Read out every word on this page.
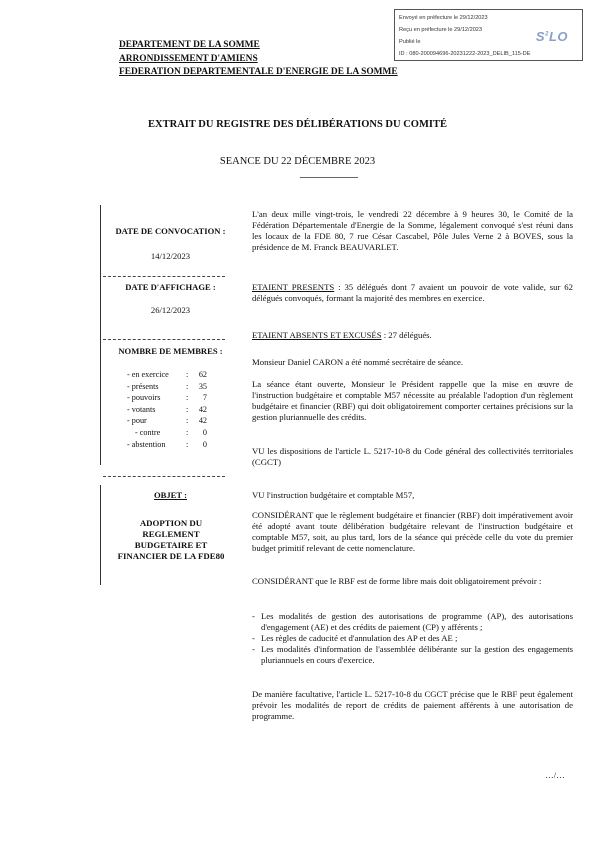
Envoyé en préfecture le 29/12/2023
Reçu en préfecture le 29/12/2023
Publié le
ID : 080-200094696-20231222-2023_DELIB_115-DE
$S^2LO$
DEPARTEMENT DE LA SOMME
ARRONDISSEMENT D'AMIENS
FEDERATION DEPARTEMENTALE D'ENERGIE DE LA SOMME
EXTRAIT DU REGISTRE DES DÉLIBÉRATIONS DU COMITÉ
SEANCE DU 22 DÉCEMBRE 2023
DATE DE CONVOCATION :
14/12/2023
DATE D'AFFICHAGE :
26/12/2023
NOMBRE DE MEMBRES :
- en exercice :	62
- présents	:	35
- pouvoirs	:	7
- votants	:	42
- pour	:	42
- contre	:	0
- abstention	:	0
OBJET :
ADOPTION DU REGLEMENT BUDGETAIRE ET FINANCIER DE LA FDE80
L'an deux mille vingt-trois, le vendredi 22 décembre à 9 heures 30, le Comité de la Fédération Départementale d'Energie de la Somme, légalement convoqué s'est réuni dans les locaux de la FDE 80, 7 rue César Cascabel, Pôle Jules Verne 2 à BOVES, sous la présidence de M. Franck BEAUVARLET.
ETAIENT PRESENTS : 35 délégués dont 7 avaient un pouvoir de vote valide, sur 62 délégués convoqués, formant la majorité des membres en exercice.
ETAIENT ABSENTS ET EXCUSÉS : 27 délégués.
Monsieur Daniel CARON a été nommé secrétaire de séance.
La séance étant ouverte, Monsieur le Président rappelle que la mise en œuvre de l'instruction budgétaire et comptable M57 nécessite au préalable l'adoption d'un règlement budgétaire et financier (RBF) qui doit obligatoirement comporter certaines précisions sur la gestion pluriannuelle des crédits.
VU les dispositions de l'article L. 5217-10-8 du Code général des collectivités territoriales (CGCT)
VU l'instruction budgétaire et comptable M57,
CONSIDÉRANT que le règlement budgétaire et financier (RBF) doit impérativement avoir été adopté avant toute délibération budgétaire relevant de l'instruction budgétaire et comptable M57, soit, au plus tard, lors de la séance qui précède celle du vote du premier budget primitif relevant de cette nomenclature.
CONSIDÉRANT que le RBF est de forme libre mais doit obligatoirement prévoir :
- Les modalités de gestion des autorisations de programme (AP), des autorisations d'engagement (AE) et des crédits de paiement (CP) y afférents ;
- Les règles de caducité et d'annulation des AP et des AE ;
- Les modalités d'information de l'assemblée délibérante sur la gestion des engagements pluriannuels en cours d'exercice.
De manière facultative, l'article L. 5217-10-8 du CGCT précise que le RBF peut également prévoir les modalités de report de crédits de paiement afférents à une autorisation de programme.
…/…
